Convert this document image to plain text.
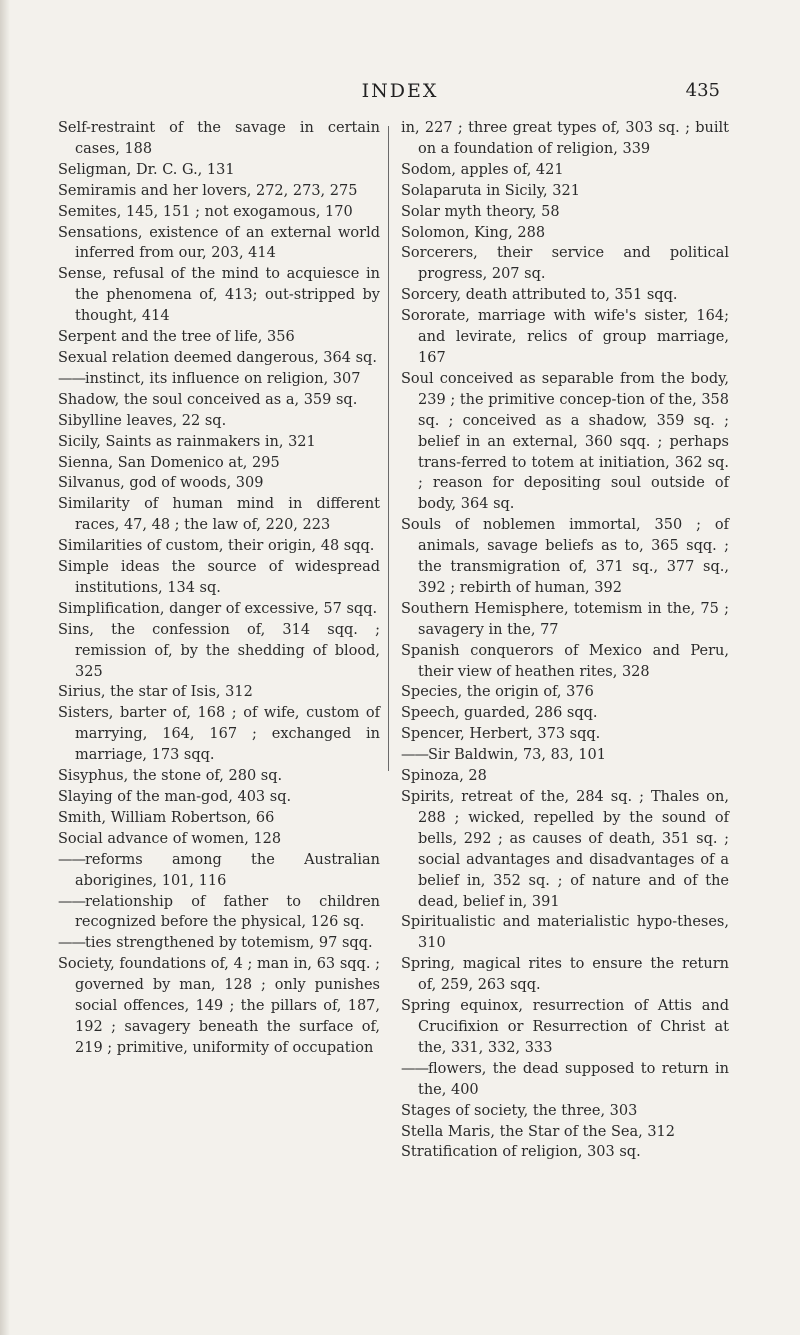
INDEX	435
Self-restraint of the savage in certain cases, 188
Seligman, Dr. C. G., 131
Semiramis and her lovers, 272, 273, 275
Semites, 145, 151 ; not exogamous, 170
Sensations, existence of an external world inferred from our, 203, 414
Sense, refusal of the mind to acquiesce in the phenomena of, 413; out-stripped by thought, 414
Serpent and the tree of life, 356
Sexual relation deemed dangerous, 364 sq.
—— instinct, its influence on religion, 307
Shadow, the soul conceived as a, 359 sq.
Sibylline leaves, 22 sq.
Sicily, Saints as rainmakers in, 321
Sienna, San Domenico at, 295
Silvanus, god of woods, 309
Similarity of human mind in different races, 47, 48 ; the law of, 220, 223
Similarities of custom, their origin, 48 sqq.
Simple ideas the source of widespread institutions, 134 sq.
Simplification, danger of excessive, 57 sqq.
Sins, the confession of, 314 sqq. ; remission of, by the shedding of blood, 325
Sirius, the star of Isis, 312
Sisters, barter of, 168 ; of wife, custom of marrying, 164, 167 ; exchanged in marriage, 173 sqq.
Sisyphus, the stone of, 280 sq.
Slaying of the man-god, 403 sq.
Smith, William Robertson, 66
Social advance of women, 128
—— reforms among the Australian aborigines, 101, 116
—— relationship of father to children recognized before the physical, 126 sq.
—— ties strengthened by totemism, 97 sqq.
Society, foundations of, 4 ; man in, 63 sqq. ; governed by man, 128 ; only punishes social offences, 149 ; the pillars of, 187, 192 ; savagery beneath the surface of, 219 ; primitive, uniformity of occupation
in, 227 ; three great types of, 303 sq. ; built on a foundation of religion, 339
Sodom, apples of, 421
Solaparuta in Sicily, 321
Solar myth theory, 58
Solomon, King, 288
Sorcerers, their service and political progress, 207 sq.
Sorcery, death attributed to, 351 sqq.
Sororate, marriage with wife's sister, 164; and levirate, relics of group marriage, 167
Soul conceived as separable from the body, 239 ; the primitive concep-tion of the, 358 sq. ; conceived as a shadow, 359 sq. ; belief in an external, 360 sqq. ; perhaps trans-ferred to totem at initiation, 362 sq. ; reason for depositing soul outside of body, 364 sq.
Souls of noblemen immortal, 350 ; of animals, savage beliefs as to, 365 sqq. ; the transmigration of, 371 sq., 377 sq., 392 ; rebirth of human, 392
Southern Hemisphere, totemism in the, 75 ; savagery in the, 77
Spanish conquerors of Mexico and Peru, their view of heathen rites, 328
Species, the origin of, 376
Speech, guarded, 286 sqq.
Spencer, Herbert, 373 sqq.
—— Sir Baldwin, 73, 83, 101
Spinoza, 28
Spirits, retreat of the, 284 sq. ; Thales on, 288 ; wicked, repelled by the sound of bells, 292 ; as causes of death, 351 sq. ; social advantages and disadvantages of a belief in, 352 sq. ; of nature and of the dead, belief in, 391
Spiritualistic and materialistic hypo-theses, 310
Spring, magical rites to ensure the return of, 259, 263 sqq.
Spring equinox, resurrection of Attis and Crucifixion or Resurrection of Christ at the, 331, 332, 333
—— flowers, the dead supposed to return in the, 400
Stages of society, the three, 303
Stella Maris, the Star of the Sea, 312
Stratification of religion, 303 sq.
